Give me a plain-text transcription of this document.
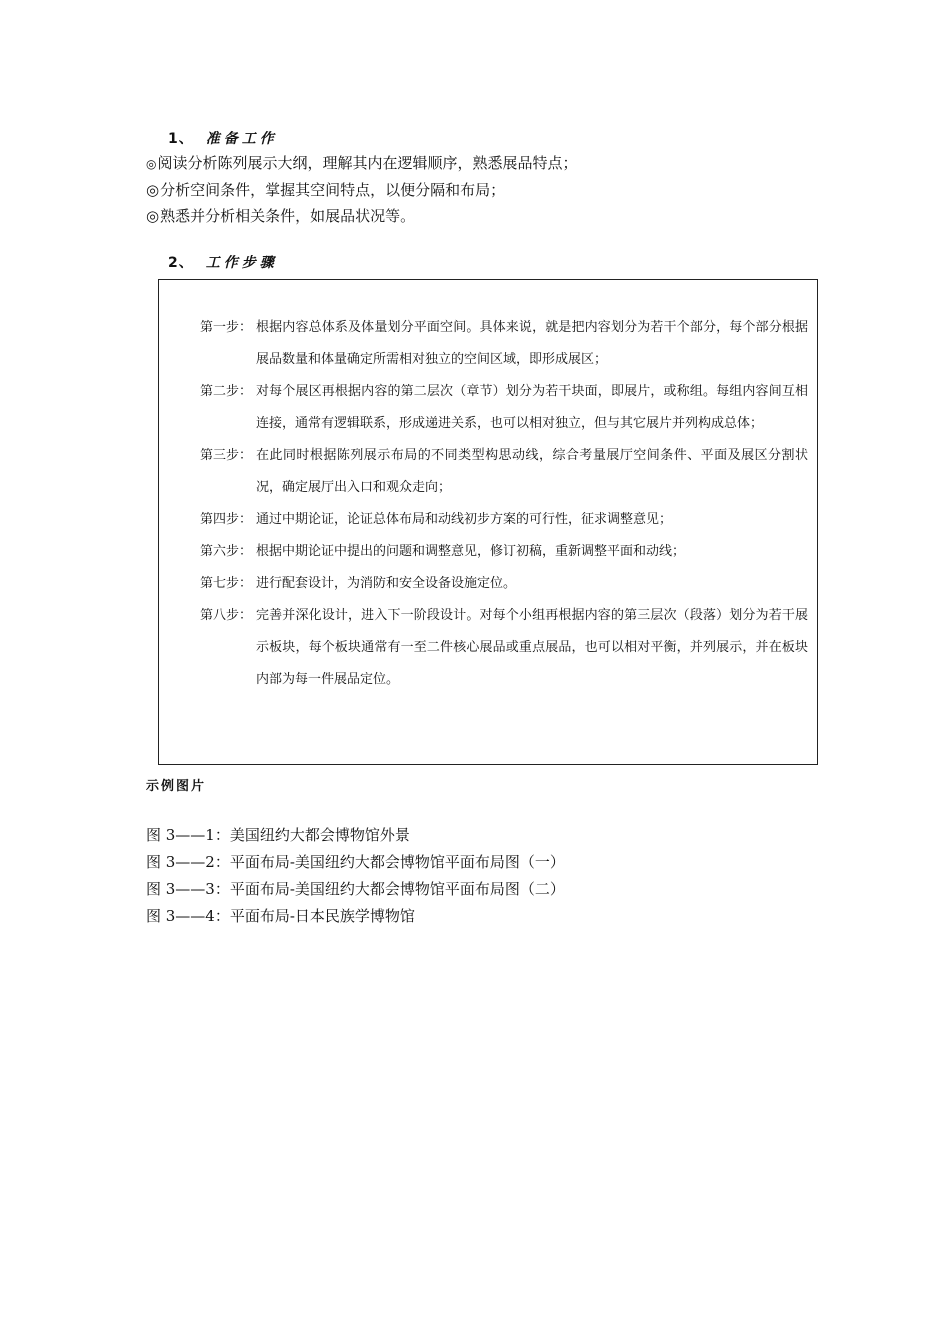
1、 准备工作
◎阅读分析陈列展示大纲，理解其内在逻辑顺序，熟悉展品特点；
◎分析空间条件，掌握其空间特点，以便分隔和布局；
◎熟悉并分析相关条件，如展品状况等。
2、 工作步骤
第一步： 根据内容总体系及体量划分平面空间。具体来说，就是把内容划分为若干个部分，每个部分根据展品数量和体量确定所需相对独立的空间区域，即形成展区；
第二步： 对每个展区再根据内容的第二层次（章节）划分为若干块面，即展片，或称组。每组内容间互相连接，通常有逻辑联系，形成递进关系，也可以相对独立，但与其它展片并列构成总体；
第三步： 在此同时根据陈列展示布局的不同类型构思动线，综合考量展厅空间条件、平面及展区分割状况，确定展厅出入口和观众走向；
第四步： 通过中期论证，论证总体布局和动线初步方案的可行性，征求调整意见；
第六步： 根据中期论证中提出的问题和调整意见，修订初稿，重新调整平面和动线；
第七步： 进行配套设计，为消防和安全设备设施定位。
第八步： 完善并深化设计，进入下一阶段设计。对每个小组再根据内容的第三层次（段落）划分为若干展示板块，每个板块通常有一至二件核心展品或重点展品，也可以相对平衡，并列展示，并在板块内部为每一件展品定位。
示例图片
图 3——1：美国纽约大都会博物馆外景
图 3——2：平面布局-美国纽约大都会博物馆平面布局图（一）
图 3——3：平面布局-美国纽约大都会博物馆平面布局图（二）
图 3——4：平面布局-日本民族学博物馆
